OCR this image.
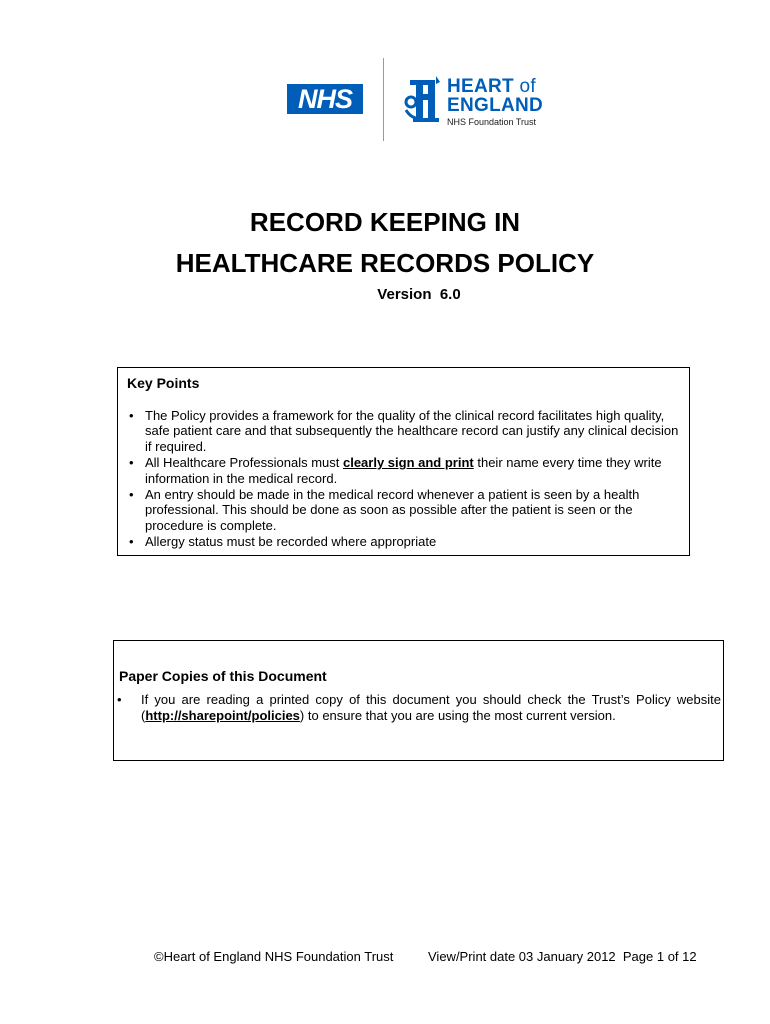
NHS	HEART of
ENGLAND
NHS Foundation Trust
RECORD KEEPING IN
HEALTHCARE RECORDS POLICY
Version  6.0
Key Points
• The Policy provides a framework for the quality of the clinical record facilitates high quality, safe patient care and that subsequently the healthcare record can justify any clinical decision if required.
• All Healthcare Professionals must clearly sign and print their name every time they write information in the medical record.
• An entry should be made in the medical record whenever a patient is seen by a health professional. This should be done as soon as possible after the patient is seen or the procedure is complete.
• Allergy status must be recorded where appropriate
Paper Copies of this Document
•	If you are reading a printed copy of this document you should check the Trust’s Policy website (http://sharepoint/policies) to ensure that you are using the most current version.
©Heart of England NHS Foundation Trust	View/Print date 03 January 2012  Page 1 of 12
